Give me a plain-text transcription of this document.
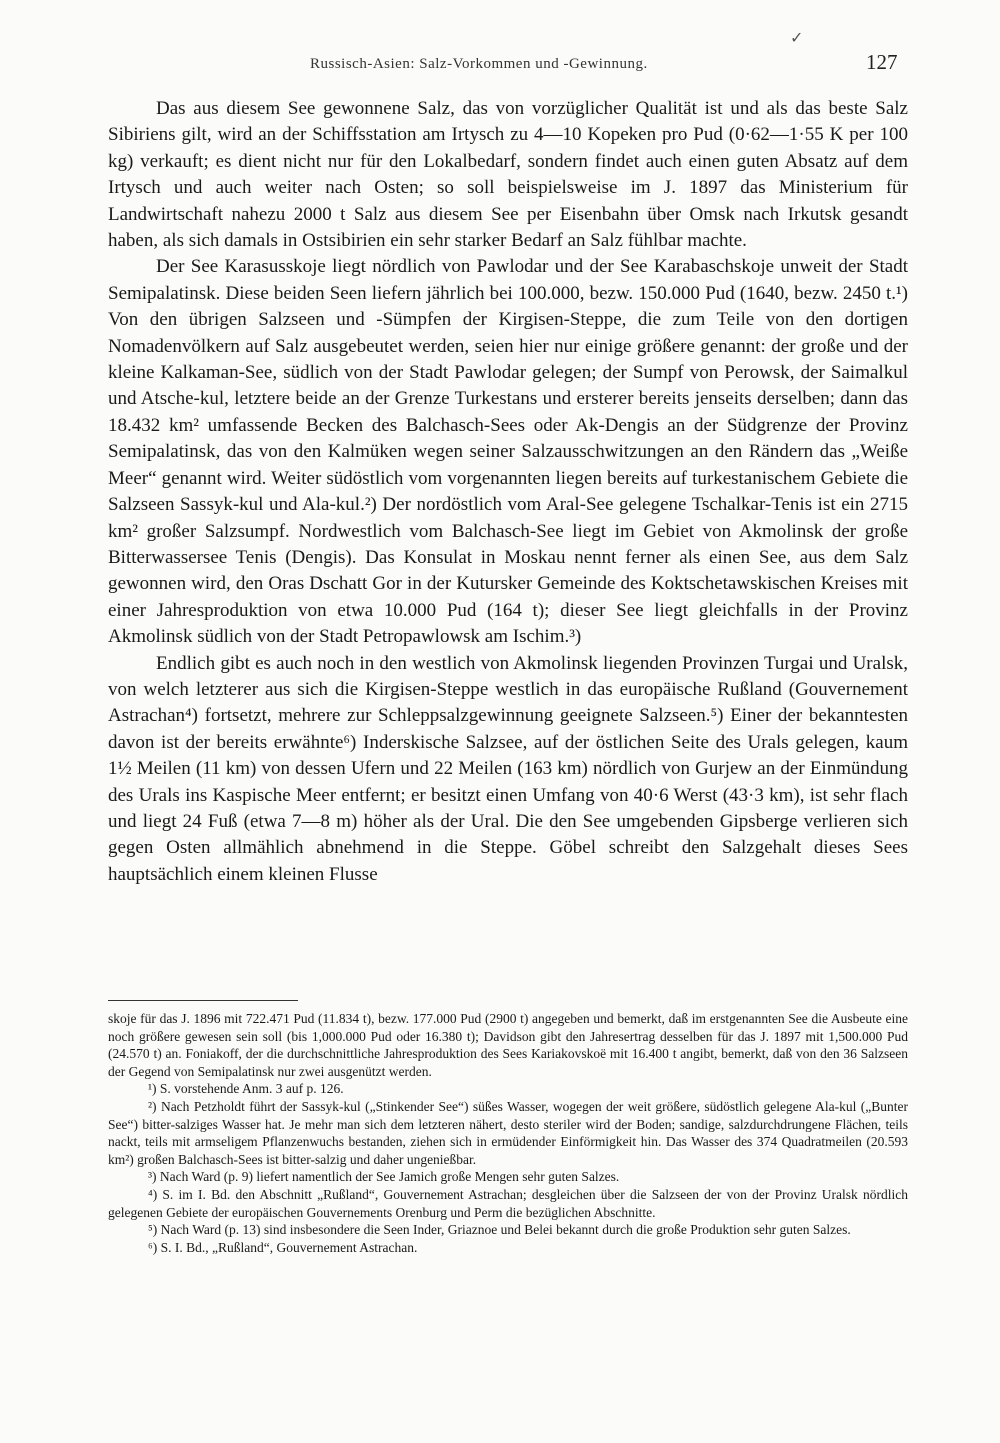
✓
Russisch-Asien: Salz-Vorkommen und -Gewinnung.	127

Das aus diesem See gewonnene Salz, das von vorzüglicher Qualität ist und als das beste Salz Sibiriens gilt, wird an der Schiffsstation am Irtysch zu 4—10 Kopeken pro Pud (0·62—1·55 K per 100 kg) verkauft; es dient nicht nur für den Lokalbedarf, sondern findet auch einen guten Absatz auf dem Irtysch und auch weiter nach Osten; so soll beispielsweise im J. 1897 das Ministerium für Landwirtschaft nahezu 2000 t Salz aus diesem See per Eisenbahn über Omsk nach Irkutsk gesandt haben, als sich damals in Ostsibirien ein sehr starker Bedarf an Salz fühlbar machte.

Der See Karasusskoje liegt nördlich von Pawlodar und der See Karabaschskoje unweit der Stadt Semipalatinsk. Diese beiden Seen liefern jährlich bei 100.000, bezw. 150.000 Pud (1640, bezw. 2450 t.¹) Von den übrigen Salzseen und -Sümpfen der Kirgisen-Steppe, die zum Teile von den dortigen Nomadenvölkern auf Salz ausgebeutet werden, seien hier nur einige größere genannt: der große und der kleine Kalkaman-See, südlich von der Stadt Pawlodar gelegen; der Sumpf von Perowsk, der Saimalkul und Atsche-kul, letztere beide an der Grenze Turkestans und ersterer bereits jenseits derselben; dann das 18.432 km² umfassende Becken des Balchasch-Sees oder Ak-Dengis an der Südgrenze der Provinz Semipalatinsk, das von den Kalmüken wegen seiner Salzausschwitzungen an den Rändern das „Weiße Meer“ genannt wird. Weiter südöstlich vom vorgenannten liegen bereits auf turkestanischem Gebiete die Salzseen Sassyk-kul und Ala-kul.²) Der nordöstlich vom Aral-See gelegene Tschalkar-Tenis ist ein 2715 km² großer Salzsumpf. Nordwestlich vom Balchasch-See liegt im Gebiet von Akmolinsk der große Bitterwassersee Tenis (Dengis). Das Konsulat in Moskau nennt ferner als einen See, aus dem Salz gewonnen wird, den Oras Dschatt Gor in der Kutursker Gemeinde des Koktschetawskischen Kreises mit einer Jahresproduktion von etwa 10.000 Pud (164 t); dieser See liegt gleichfalls in der Provinz Akmolinsk südlich von der Stadt Petropawlowsk am Ischim.³)

Endlich gibt es auch noch in den westlich von Akmolinsk liegenden Provinzen Turgai und Uralsk, von welch letzterer aus sich die Kirgisen-Steppe westlich in das europäische Rußland (Gouvernement Astrachan⁴) fortsetzt, mehrere zur Schleppsalzgewinnung geeignete Salzseen.⁵) Einer der bekanntesten davon ist der bereits erwähnte⁶) Inderskische Salzsee, auf der östlichen Seite des Urals gelegen, kaum 1½ Meilen (11 km) von dessen Ufern und 22 Meilen (163 km) nördlich von Gurjew an der Einmündung des Urals ins Kaspische Meer entfernt; er besitzt einen Umfang von 40·6 Werst (43·3 km), ist sehr flach und liegt 24 Fuß (etwa 7—8 m) höher als der Ural. Die den See umgebenden Gipsberge verlieren sich gegen Osten allmählich abnehmend in die Steppe. Göbel schreibt den Salzgehalt dieses Sees hauptsächlich einem kleinen Flusse

skoje für das J. 1896 mit 722.471 Pud (11.834 t), bezw. 177.000 Pud (2900 t) angegeben und bemerkt, daß im erstgenannten See die Ausbeute eine noch größere gewesen sein soll (bis 1,000.000 Pud oder 16.380 t); Davidson gibt den Jahresertrag desselben für das J. 1897 mit 1,500.000 Pud (24.570 t) an. Foniakoff, der die durchschnittliche Jahresproduktion des Sees Kariakovskoë mit 16.400 t angibt, bemerkt, daß von den 36 Salzseen der Gegend von Semipalatinsk nur zwei ausgenützt werden.

¹) S. vorstehende Anm. 3 auf p. 126.

²) Nach Petzholdt führt der Sassyk-kul („Stinkender See“) süßes Wasser, wogegen der weit größere, südöstlich gelegene Ala-kul („Bunter See“) bitter-salziges Wasser hat. Je mehr man sich dem letzteren nähert, desto steriler wird der Boden; sandige, salzdurchdrungene Flächen, teils nackt, teils mit armseligem Pflanzenwuchs bestanden, ziehen sich in ermüdender Einförmigkeit hin. Das Wasser des 374 Quadratmeilen (20.593 km²) großen Balchasch-Sees ist bitter-salzig und daher ungenießbar.

³) Nach Ward (p. 9) liefert namentlich der See Jamich große Mengen sehr guten Salzes.

⁴) S. im I. Bd. den Abschnitt „Rußland“, Gouvernement Astrachan; desgleichen über die Salzseen der von der Provinz Uralsk nördlich gelegenen Gebiete der europäischen Gouvernements Orenburg und Perm die bezüglichen Abschnitte.

⁵) Nach Ward (p. 13) sind insbesondere die Seen Inder, Griaznoe und Belei bekannt durch die große Produktion sehr guten Salzes.

⁶) S. I. Bd., „Rußland“, Gouvernement Astrachan.
